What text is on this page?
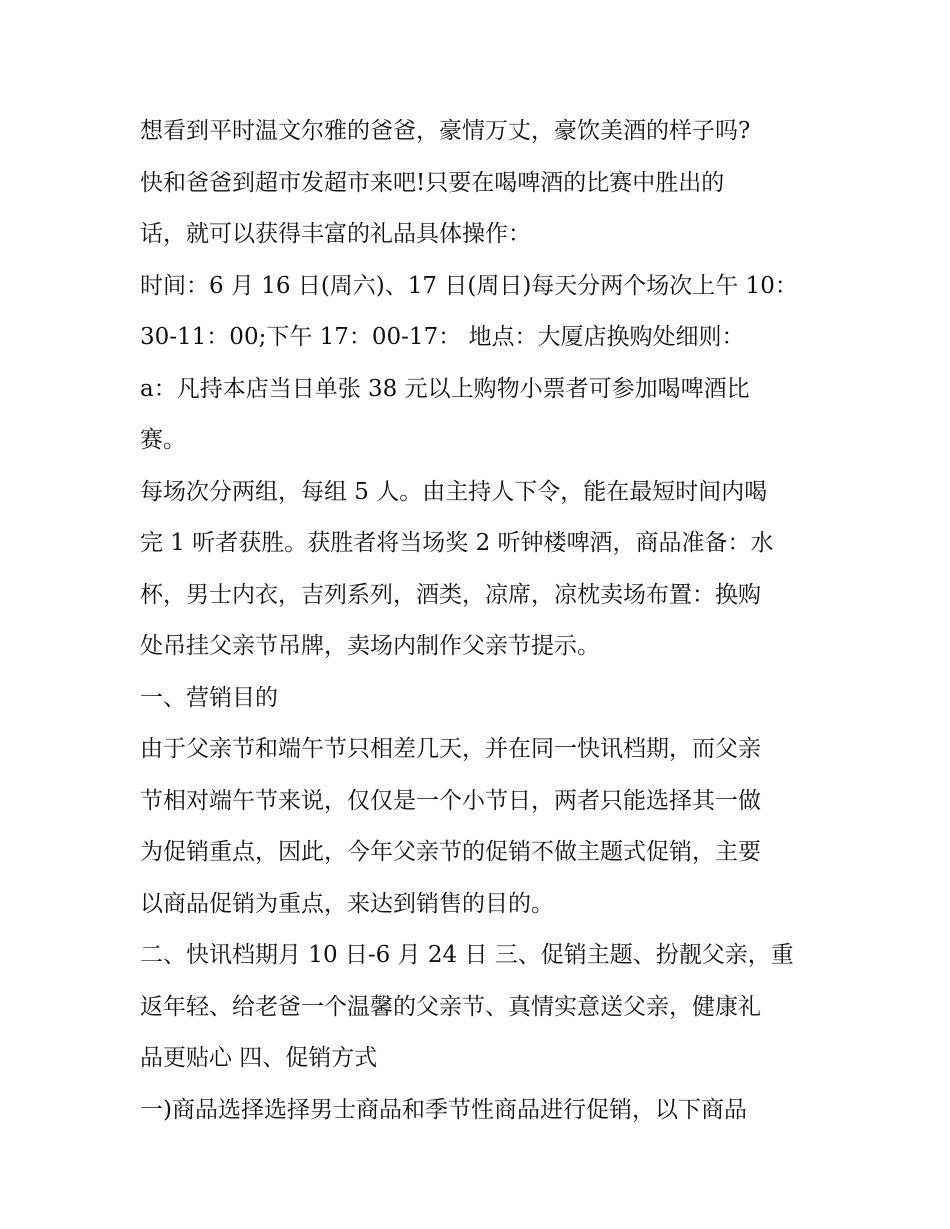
想看到平时温文尔雅的爸爸，豪情万丈，豪饮美酒的样子吗?
快和爸爸到超市发超市来吧!只要在喝啤酒的比赛中胜出的
话，就可以获得丰富的礼品具体操作：
时间：6 月 16 日(周六)、17 日(周日)每天分两个场次上午 10：
30-11：00;下午 17：00-17： 地点：大厦店换购处细则：
a：凡持本店当日单张 38 元以上购物小票者可参加喝啤酒比
赛。
每场次分两组，每组 5 人。由主持人下令，能在最短时间内喝
完 1 听者获胜。获胜者将当场奖 2 听钟楼啤酒，商品准备：水
杯，男士内衣，吉列系列，酒类，凉席，凉枕卖场布置：换购
处吊挂父亲节吊牌，卖场内制作父亲节提示。
一、营销目的
由于父亲节和端午节只相差几天，并在同一快讯档期，而父亲
节相对端午节来说，仅仅是一个小节日，两者只能选择其一做
为促销重点，因此，今年父亲节的促销不做主题式促销，主要
以商品促销为重点，来达到销售的目的。
二、快讯档期月 10 日-6 月 24 日 三、促销主题、扮靓父亲，重
返年轻、给老爸一个温馨的父亲节、真情实意送父亲，健康礼
品更贴心 四、促销方式
一)商品选择选择男士商品和季节性商品进行促销，以下商品
